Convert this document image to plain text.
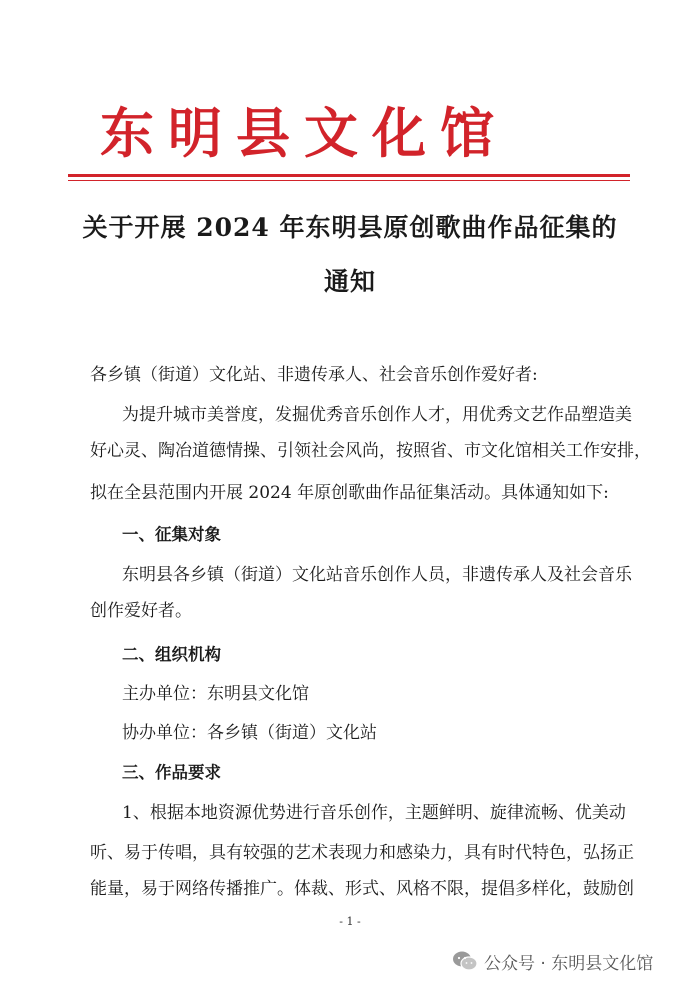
东明县文化馆
关于开展 2024 年东明县原创歌曲作品征集的
通知
各乡镇（街道）文化站、非遗传承人、社会音乐创作爱好者:
为提升城市美誉度，发掘优秀音乐创作人才，用优秀文艺作品塑造美
好心灵、陶冶道德情操、引领社会风尚，按照省、市文化馆相关工作安排，
拟在全县范围内开展 2024 年原创歌曲作品征集活动。具体通知如下:
一、征集对象
东明县各乡镇（街道）文化站音乐创作人员，非遗传承人及社会音乐
创作爱好者。
二、组织机构
主办单位：东明县文化馆
协办单位：各乡镇（街道）文化站
三、作品要求
1、根据本地资源优势进行音乐创作，主题鲜明、旋律流畅、优美动
听、易于传唱，具有较强的艺术表现力和感染力，具有时代特色，弘扬正
能量，易于网络传播推广。体裁、形式、风格不限，提倡多样化，鼓励创
- 1 -
公众号 · 东明县文化馆
